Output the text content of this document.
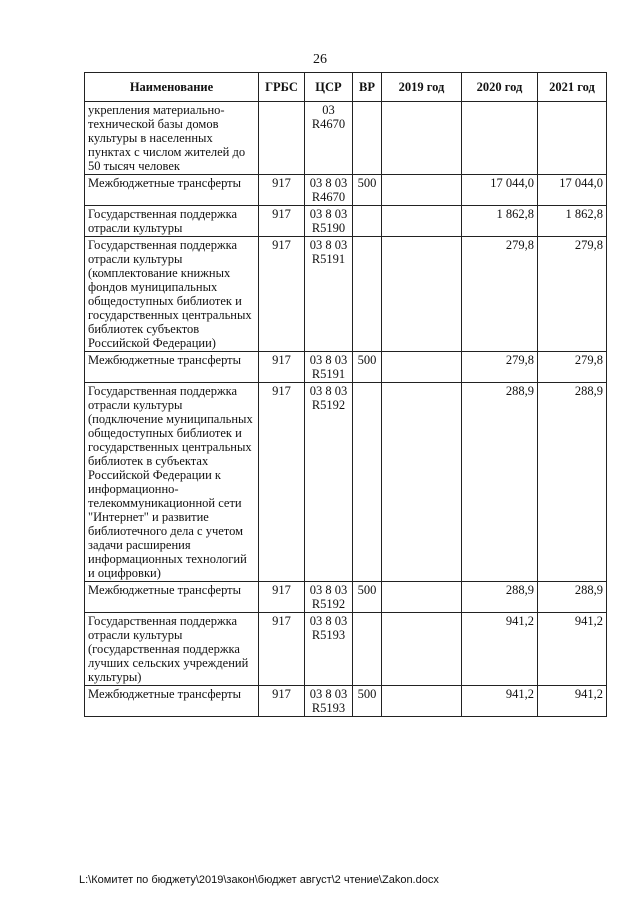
26
Наименование	ГРБС	ЦСР	ВР	2019 год	2020 год	2021 год
укрепления материально-технической базы домов культуры в населенных пунктах с числом жителей до 50 тысяч человек		03 R4670				
Межбюджетные трансферты	917	03 8 03 R4670	500		17 044,0	17 044,0
Государственная поддержка отрасли культуры	917	03 8 03 R5190			1 862,8	1 862,8
Государственная поддержка отрасли культуры (комплектование книжных фондов муниципальных общедоступных библиотек и государственных центральных библиотек субъектов Российской Федерации)	917	03 8 03 R5191			279,8	279,8
Межбюджетные трансферты	917	03 8 03 R5191	500		279,8	279,8
Государственная поддержка отрасли культуры (подключение муниципальных общедоступных библиотек и государственных центральных библиотек в субъектах Российской Федерации к информационно-телекоммуникационной сети "Интернет" и развитие библиотечного дела с учетом задачи расширения информационных технологий и оцифровки)	917	03 8 03 R5192			288,9	288,9
Межбюджетные трансферты	917	03 8 03 R5192	500		288,9	288,9
Государственная поддержка отрасли культуры (государственная поддержка лучших сельских учреждений культуры)	917	03 8 03 R5193			941,2	941,2
Межбюджетные трансферты	917	03 8 03 R5193	500		941,2	941,2
L:\Комитет по бюджету\2019\закон\бюджет август\2 чтение\Zakon.docx
